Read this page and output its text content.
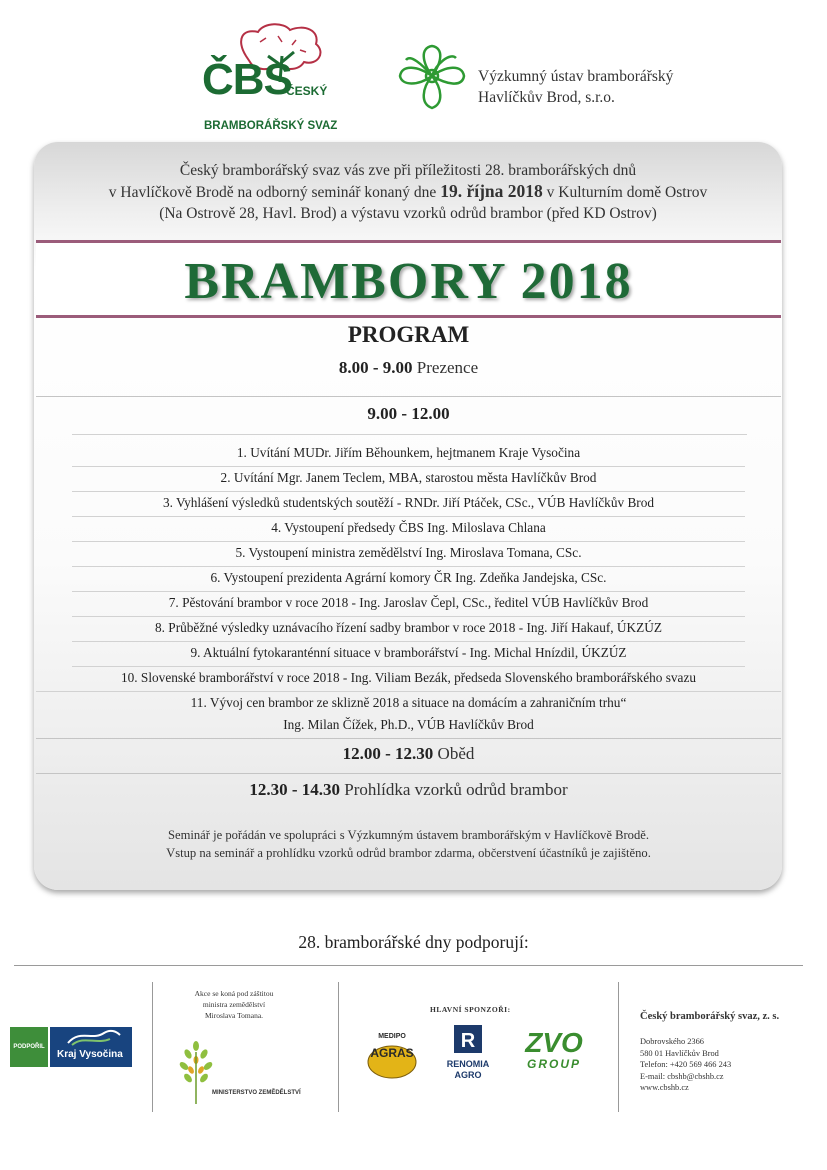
ČBS
ČESKÝ
BRAMBORÁŘSKÝ SVAZ
Výzkumný ústav bramborářský
Havlíčkův Brod, s.r.o.
Český bramborářský svaz vás zve při příležitosti 28. bramborářských dnů
v Havlíčkově Brodě na odborný seminář konaný dne 19. října 2018 v Kulturním domě Ostrov
(Na Ostrově 28, Havl. Brod) a výstavu vzorků odrůd brambor (před KD Ostrov)
BRAMBORY 2018
PROGRAM
8.00 - 9.00 Prezence
9.00 - 12.00
1. Uvítání MUDr. Jiřím Běhounkem, hejtmanem Kraje Vysočina
2. Uvítání Mgr. Janem Teclem, MBA, starostou města Havlíčkův Brod
3. Vyhlášení výsledků studentských soutěží - RNDr. Jiří Ptáček, CSc., VÚB Havlíčkův Brod
4. Vystoupení předsedy ČBS Ing. Miloslava Chlana
5. Vystoupení ministra zemědělství Ing. Miroslava Tomana, CSc.
6. Vystoupení prezidenta Agrární komory ČR Ing. Zdeňka Jandejska, CSc.
7. Pěstování brambor v roce 2018 - Ing. Jaroslav Čepl, CSc., ředitel VÚB Havlíčkův Brod
8. Průběžné výsledky uznávacího řízení sadby brambor v roce 2018 - Ing. Jiří Hakauf, ÚKZÚZ
9. Aktuální fytokaranténní situace v bramborářství - Ing. Michal Hnízdil, ÚKZÚZ
10. Slovenské bramborářství v roce 2018 - Ing. Viliam Bezák, předseda Slovenského bramborářského svazu
11. Vývoj cen brambor ze sklizně 2018 a situace na domácím a zahraničním trhu“
Ing. Milan Čížek, Ph.D., VÚB Havlíčkův Brod
12.00 - 12.30 Oběd
12.30 - 14.30 Prohlídka vzorků odrůd brambor
Seminář je pořádán ve spolupráci s Výzkumným ústavem bramborářským v Havlíčkově Brodě.
Vstup na seminář a prohlídku vzorků odrůd brambor zdarma, občerstvení účastníků je zajištěno.
28. bramborářské dny podporují:
PODPOŘIL
Kraj Vysočina
Akce se koná pod záštitou
ministra zemědělství
Miroslava Tomana.
MINISTERSTVO ZEMĚDĚLSTVÍ
HLAVNÍ SPONZOŘI:
MEDIPO
AGRAS
R
RENOMIA
AGRO
ZVO
GROUP
Český bramborářský svaz, z. s.
Dobrovského 2366
580 01 Havlíčkův Brod
Telefon: +420 569 466 243
E-mail: cbshb@cbshb.cz
www.cbshb.cz
